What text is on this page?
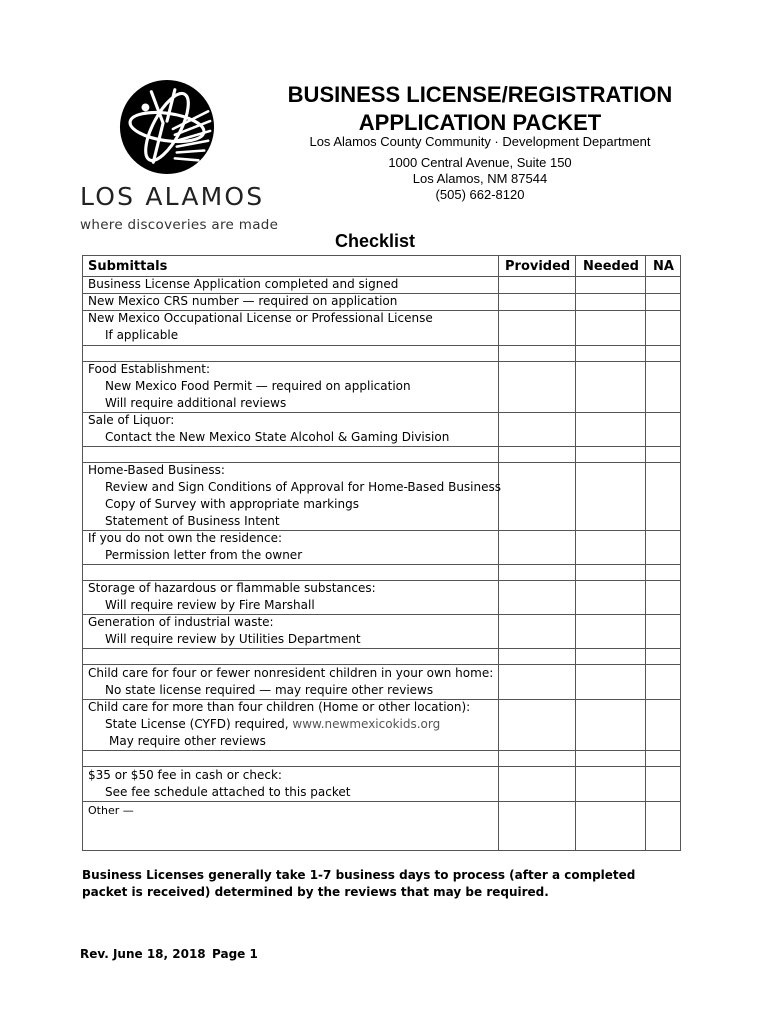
LOS ALAMOS
where discoveries are made
BUSINESS LICENSE/REGISTRATION
APPLICATION PACKET
Los Alamos County Community · Development Department
1000 Central Avenue, Suite 150
Los Alamos, NM 87544
(505) 662-8120
Checklist
Submittals	Provided Needed NA
Business License Application completed and signed
New Mexico CRS number — required on application
New Mexico Occupational License or Professional License
If applicable
Food Establishment:
New Mexico Food Permit — required on application
Will require additional reviews
Sale of Liquor:
Contact the New Mexico State Alcohol & Gaming Division
Home-Based Business:
Review and Sign Conditions of Approval for Home-Based Business
Copy of Survey with appropriate markings
Statement of Business Intent
If you do not own the residence:
Permission letter from the owner
Storage of hazardous or flammable substances:
Will require review by Fire Marshall
Generation of industrial waste:
Will require review by Utilities Department
Child care for four or fewer nonresident children in your own home:
No state license required — may require other reviews
Child care for more than four children (Home or other location):
State License (CYFD) required, www.newmexicokids.org
May require other reviews
$35 or $50 fee in cash or check:
See fee schedule attached to this packet
Other —
Business Licenses generally take 1-7 business days to process (after a completed packet is received) determined by the reviews that may be required.
Rev. June 18, 2018 Page 1
